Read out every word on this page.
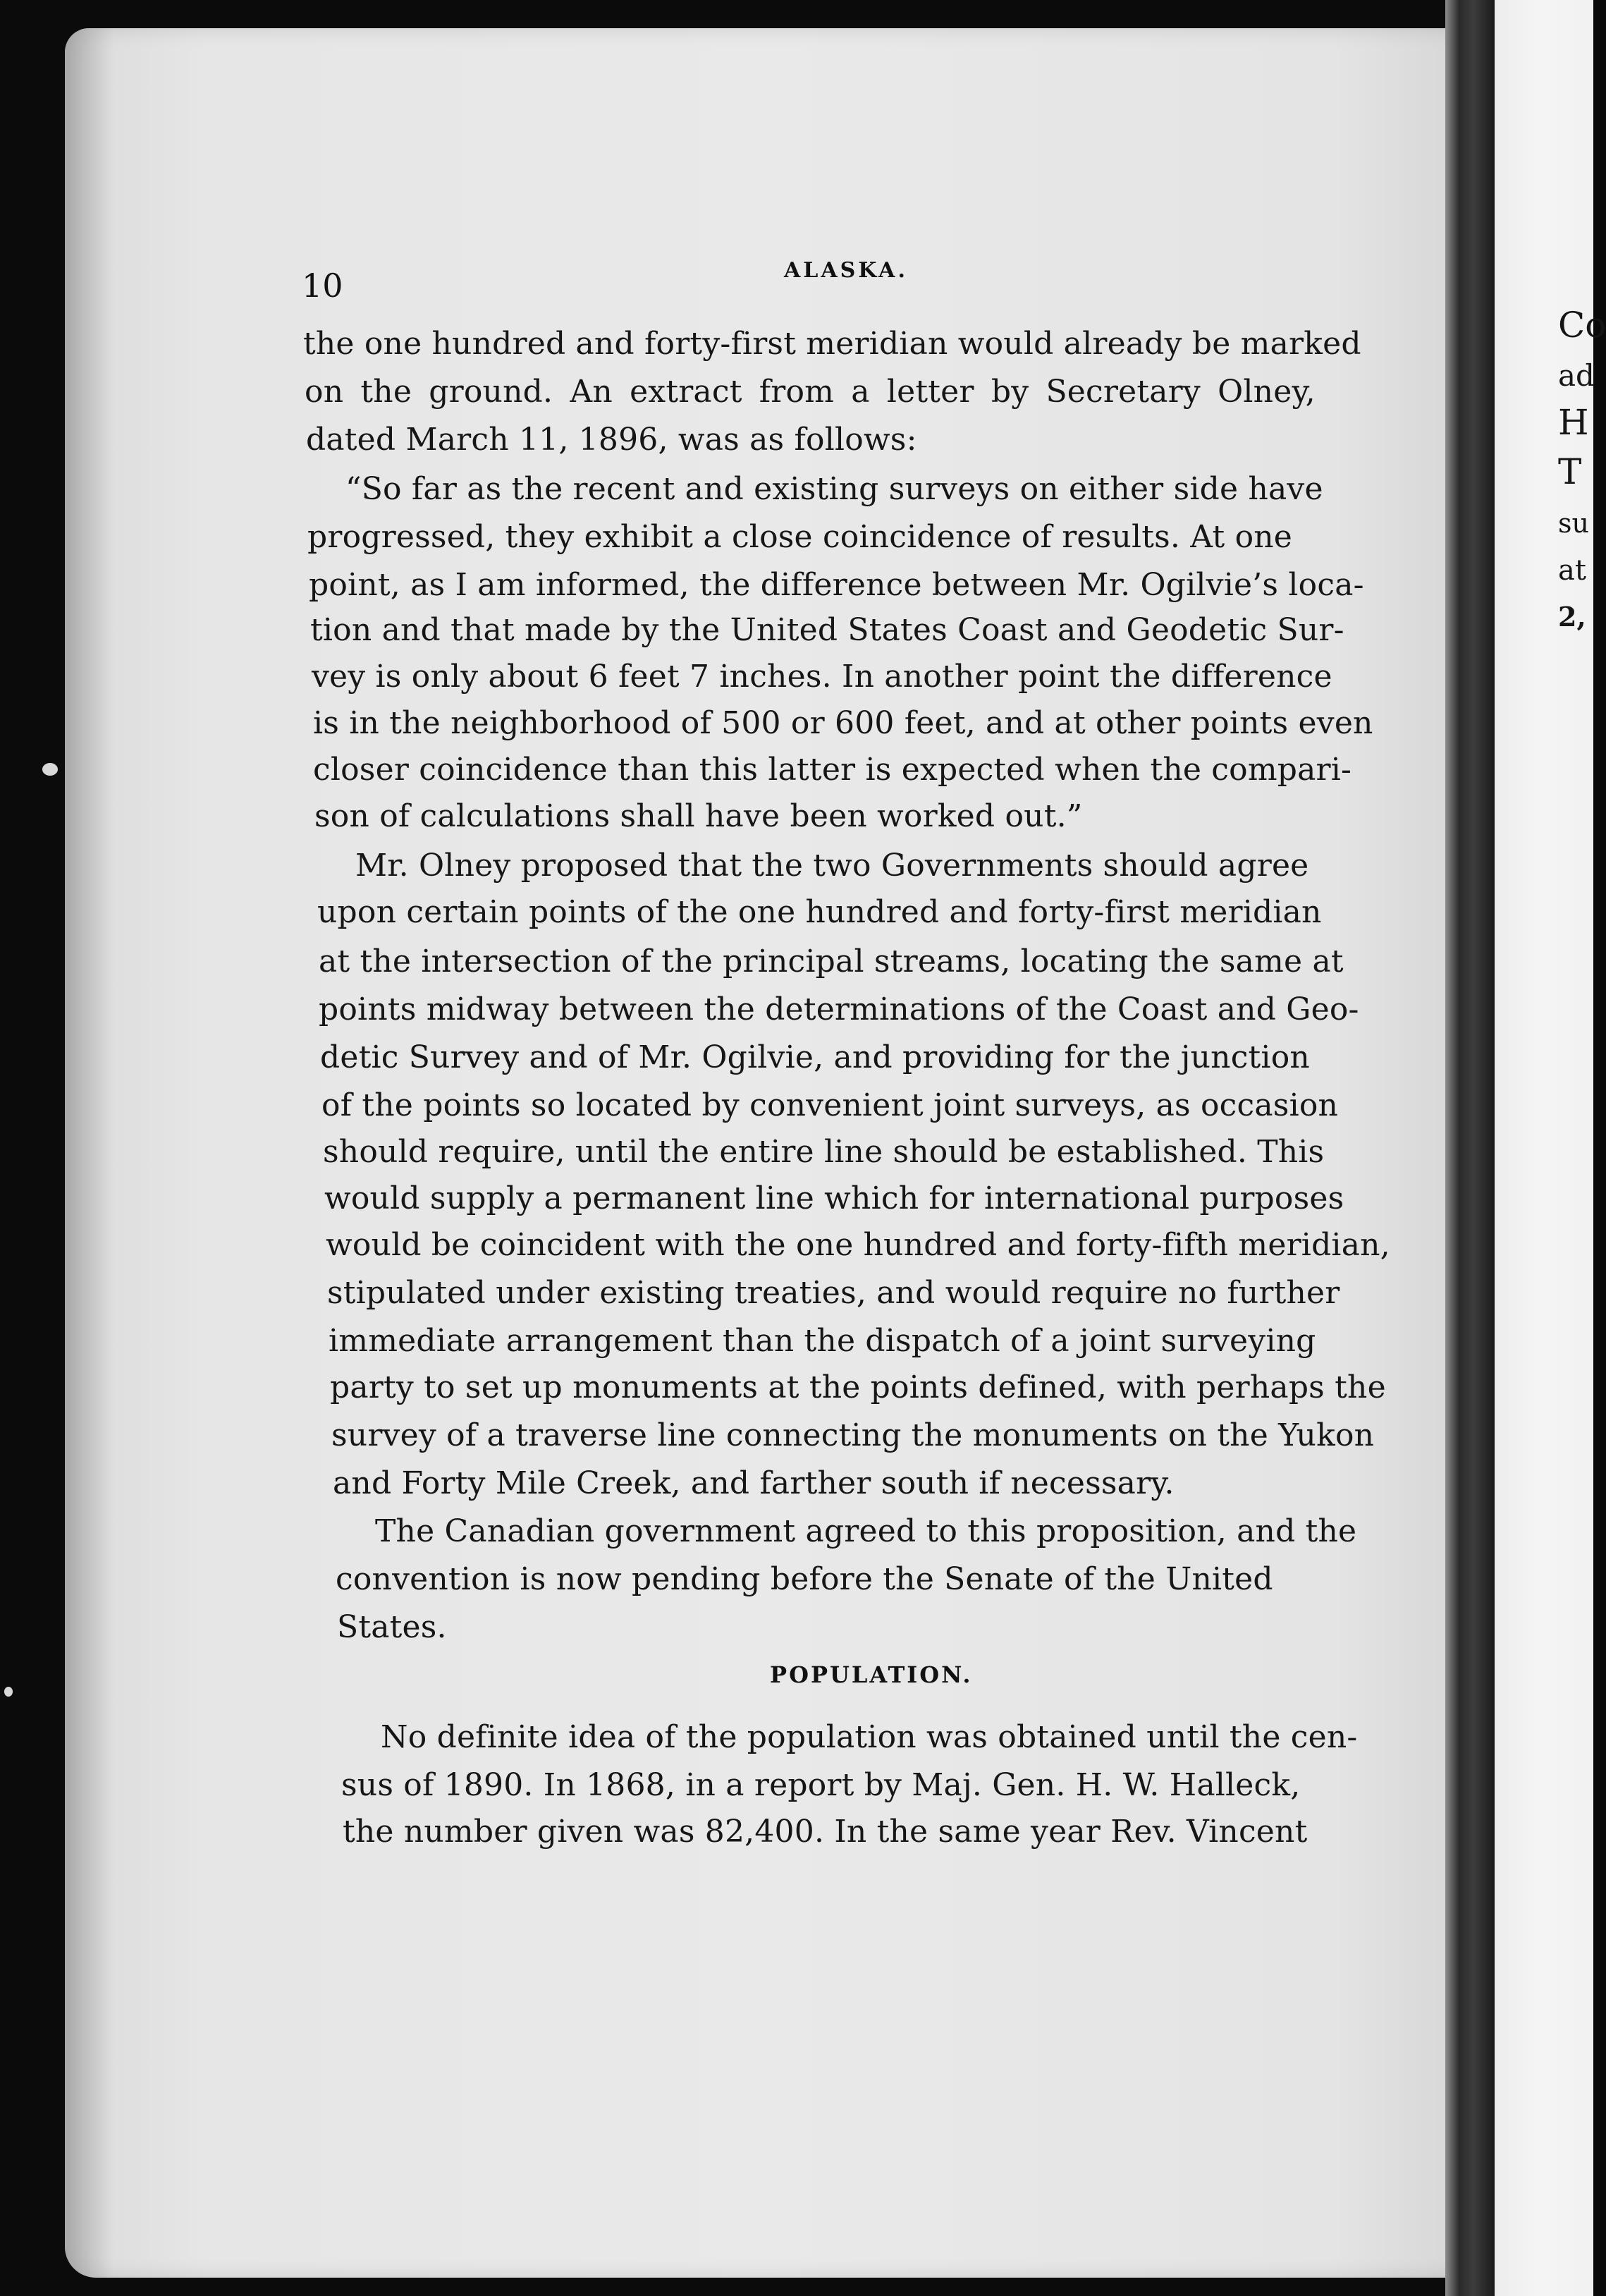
Co
ad
H
T
su
at
2,
10	ALASKA.
the one hundred and forty-first meridian would already be marked
on the ground. An extract from a letter by Secretary Olney,
dated March 11, 1896, was as follows:
“So far as the recent and existing surveys on either side have
progressed, they exhibit a close coincidence of results. At one
point, as I am informed, the difference between Mr. Ogilvie’s loca-
tion and that made by the United States Coast and Geodetic Sur-
vey is only about 6 feet 7 inches. In another point the difference
is in the neighborhood of 500 or 600 feet, and at other points even
closer coincidence than this latter is expected when the compari-
son of calculations shall have been worked out.”
Mr. Olney proposed that the two Governments should agree
upon certain points of the one hundred and forty-first meridian
at the intersection of the principal streams, locating the same at
points midway between the determinations of the Coast and Geo-
detic Survey and of Mr. Ogilvie, and providing for the junction
of the points so located by convenient joint surveys, as occasion
should require, until the entire line should be established. This
would supply a permanent line which for international purposes
would be coincident with the one hundred and forty-fifth meridian,
stipulated under existing treaties, and would require no further
immediate arrangement than the dispatch of a joint surveying
party to set up monuments at the points defined, with perhaps the
survey of a traverse line connecting the monuments on the Yukon
and Forty Mile Creek, and farther south if necessary.
The Canadian government agreed to this proposition, and the
convention is now pending before the Senate of the United
States.
POPULATION.
No definite idea of the population was obtained until the cen-
sus of 1890. In 1868, in a report by Maj. Gen. H. W. Halleck,
the number given was 82,400. In the same year Rev. Vincent
